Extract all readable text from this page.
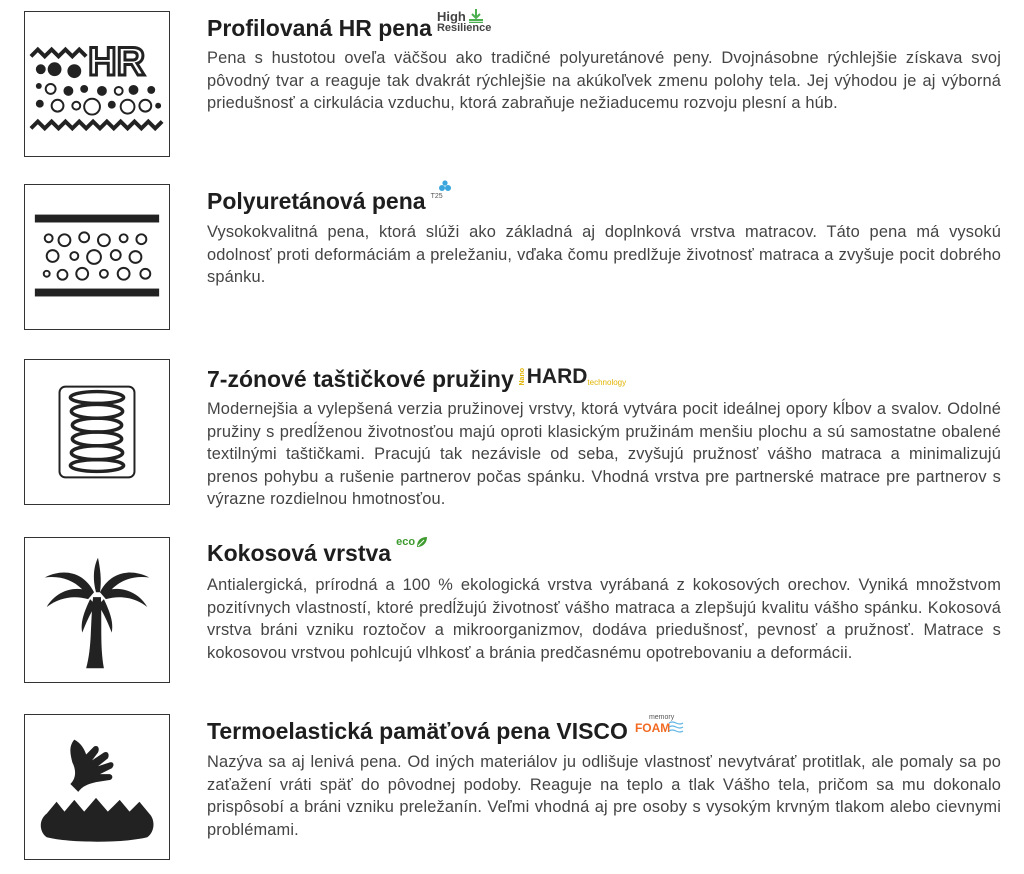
HR
Profilovaná HR pena High
Resilience
Pena s hustotou oveľa väčšou ako tradičné polyuretánové peny. Dvojnásobne rýchlejšie získava svoj pôvodný tvar a reaguje tak dvakrát rýchlejšie na akúkoľvek zmenu polohy tela. Jej výhodou je aj výborná priedušnosť a cirkulácia vzduchu, ktorá zabraňuje nežiaducemu rozvoju plesní a húb.
Polyuretánová pena T25
Vysokokvalitná pena, ktorá slúži ako základná aj doplnková vrstva matracov. Táto pena má vysokú odolnosť proti deformáciám a preležaniu, vďaka čomu predlžuje životnosť matraca a zvyšuje pocit dobrého spánku.
7-zónové taštičkové pružiny Nano HARD technology
Modernejšia a vylepšená verzia pružinovej vrstvy, ktorá vytvára pocit ideálnej opory kĺbov a svalov. Odolné pružiny s predĺženou životnosťou majú oproti klasickým pružinám menšiu plochu a sú samostatne obalené textilnými taštičkami. Pracujú tak nezávisle od seba, zvyšujú pružnosť vášho matraca a minimalizujú prenos pohybu a rušenie partnerov počas spánku. Vhodná vrstva pre partnerské matrace pre partnerov s výrazne rozdielnou hmotnosťou.
Kokosová vrstva eco
Antialergická, prírodná a 100 % ekologická vrstva vyrábaná z kokosových orechov. Vyniká množstvom pozitívnych vlastností, ktoré predĺžujú životnosť vášho matraca a zlepšujú kvalitu vášho spánku. Kokosová vrstva bráni vzniku roztočov a mikroorganizmov, dodáva priedušnosť, pevnosť a pružnosť. Matrace s kokosovou vrstvou pohlcujú vlhkosť a bránia predčasnému opotrebovaniu a deformácii.
Termoelastická pamäťová pena VISCO
memory
FOAM
Nazýva sa aj lenivá pena. Od iných materiálov ju odlišuje vlastnosť nevytvárať protitlak, ale pomaly sa po zaťažení vráti späť do pôvodnej podoby. Reaguje na teplo a tlak Vášho tela, pričom sa mu dokonalo prispôsobí a bráni vzniku preležanín. Veľmi vhodná aj pre osoby s vysokým krvným tlakom alebo cievnymi problémami.
